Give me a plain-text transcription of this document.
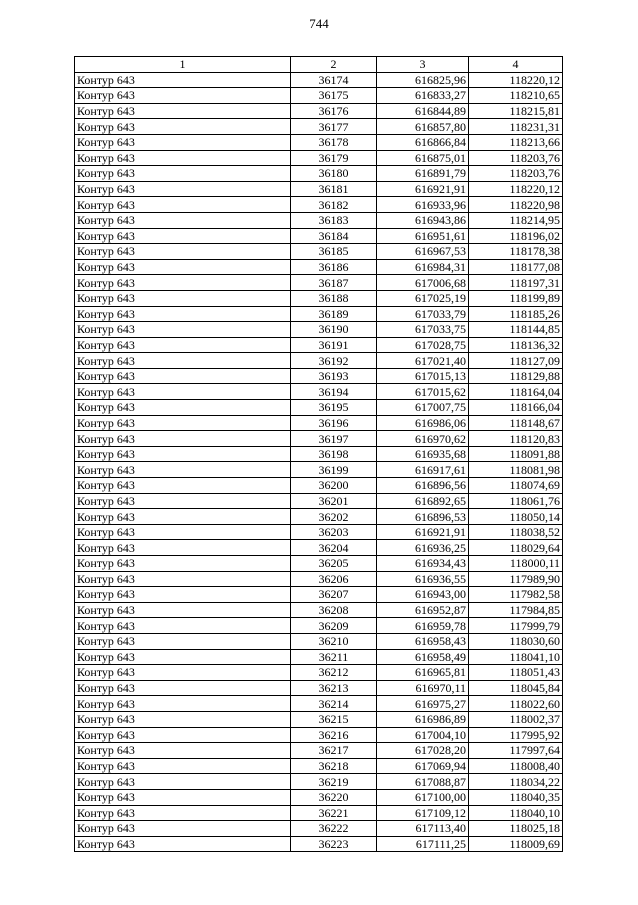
744
1	2	3	4
Контур 643	36174	616825,96	118220,12
Контур 643	36175	616833,27	118210,65
Контур 643	36176	616844,89	118215,81
Контур 643	36177	616857,80	118231,31
Контур 643	36178	616866,84	118213,66
Контур 643	36179	616875,01	118203,76
Контур 643	36180	616891,79	118203,76
Контур 643	36181	616921,91	118220,12
Контур 643	36182	616933,96	118220,98
Контур 643	36183	616943,86	118214,95
Контур 643	36184	616951,61	118196,02
Контур 643	36185	616967,53	118178,38
Контур 643	36186	616984,31	118177,08
Контур 643	36187	617006,68	118197,31
Контур 643	36188	617025,19	118199,89
Контур 643	36189	617033,79	118185,26
Контур 643	36190	617033,75	118144,85
Контур 643	36191	617028,75	118136,32
Контур 643	36192	617021,40	118127,09
Контур 643	36193	617015,13	118129,88
Контур 643	36194	617015,62	118164,04
Контур 643	36195	617007,75	118166,04
Контур 643	36196	616986,06	118148,67
Контур 643	36197	616970,62	118120,83
Контур 643	36198	616935,68	118091,88
Контур 643	36199	616917,61	118081,98
Контур 643	36200	616896,56	118074,69
Контур 643	36201	616892,65	118061,76
Контур 643	36202	616896,53	118050,14
Контур 643	36203	616921,91	118038,52
Контур 643	36204	616936,25	118029,64
Контур 643	36205	616934,43	118000,11
Контур 643	36206	616936,55	117989,90
Контур 643	36207	616943,00	117982,58
Контур 643	36208	616952,87	117984,85
Контур 643	36209	616959,78	117999,79
Контур 643	36210	616958,43	118030,60
Контур 643	36211	616958,49	118041,10
Контур 643	36212	616965,81	118051,43
Контур 643	36213	616970,11	118045,84
Контур 643	36214	616975,27	118022,60
Контур 643	36215	616986,89	118002,37
Контур 643	36216	617004,10	117995,92
Контур 643	36217	617028,20	117997,64
Контур 643	36218	617069,94	118008,40
Контур 643	36219	617088,87	118034,22
Контур 643	36220	617100,00	118040,35
Контур 643	36221	617109,12	118040,10
Контур 643	36222	617113,40	118025,18
Контур 643	36223	617111,25	118009,69
